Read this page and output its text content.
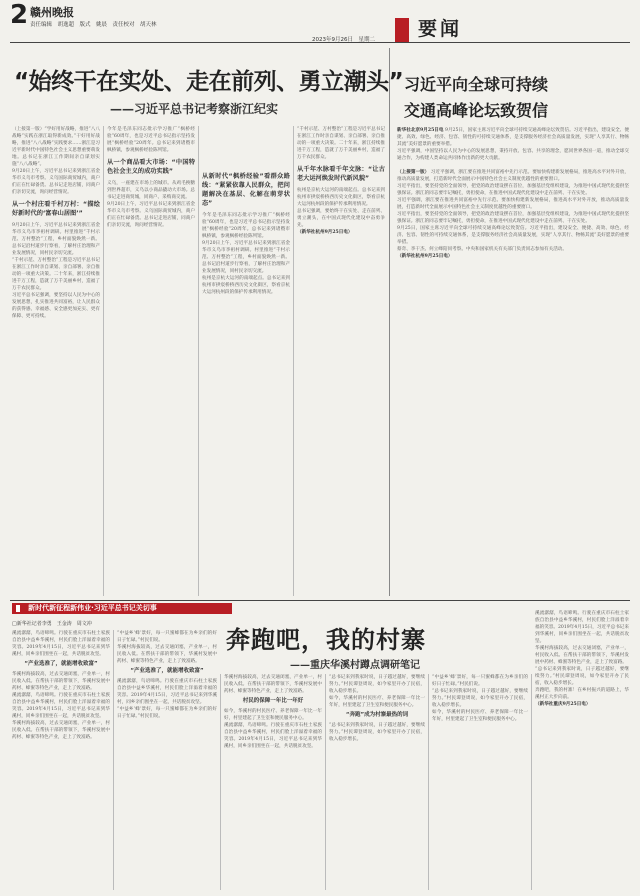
2 赣州晚报
责任编辑　胡逸超　版式　姚晨　责任校对　胡天林
2023年9月26日　星期二 要闻
“始终干在实处、走在前列、勇立潮头”
——习近平总书记考察浙江纪实
（上接第一版）“学好用好战略，推进“八八战略”实践在浙江取得新成效。”干好用好战略，推进“八八战略”实践要求……浙江是习近平新时代中国特色社会主义思想重要萌发地。总书记在浙江工作期间亲自谋划实施“八八战略”。
9月20日上午，习近平总书记来到浙江省金华市义乌市考察。义乌国际商贸城内，商户们正在忙碌备货。总书记走进店铺，同商户们亲切交流，询问经营情况。

从一个村庄看千村万村：“描绘好新时代的‘富春山居图’”
9月20日上午，习近平总书记来到浙江省金华市义乌市李祖村调研。村里推进“千村示范、万村整治”工程，乡村面貌焕然一新。总书记沿村道步行察看，了解村庄治理和产业发展情况，同村民亲切交流。
“千村示范、万村整治”工程是习近平总书记在浙江工作时亲自谋划、亲自部署、亲自推动的一项重大决策。二十年来，浙江持续推进千万工程，造就了万千美丽乡村，造福了万千农民群众。
习近平总书记强调，要坚持以人民为中心的发展思想，扎实推进共同富裕，让人民群众的获得感、幸福感、安全感更加充实、更有保障、更可持续。
今年是毛泽东同志批示学习推广“枫桥经验”60周年，也是习近平总书记指示坚持发展“枫桥经验”20周年。总书记来到诸暨市枫桥镇，参观枫桥经验陈列馆。

从一个商品看大市场：“中国特色社会主义的成功实践”
义乌，一座建在市场上的城市。从鸡毛换糖到世界超市，义乌以小商品撬动大市场。总书记走进商贸城，同商户、采购商交流。
9月20日上午，习近平总书记来到浙江省金华市义乌市考察。义乌国际商贸城内，商户们正在忙碌备货。总书记走进店铺，同商户们亲切交流，询问经营情况。
从新时代“枫桥经验”看群众路线：“紧紧依靠人民群众，把问题解决在基层、化解在萌芽状态”
今年是毛泽东同志批示学习推广“枫桥经验”60周年，也是习近平总书记指示坚持发展“枫桥经验”20周年。总书记来到诸暨市枫桥镇，参观枫桥经验陈列馆。
9月20日上午，习近平总书记来到浙江省金华市义乌市李祖村调研。村里推进“千村示范、万村整治”工程，乡村面貌焕然一新。总书记沿村道步行察看，了解村庄治理和产业发展情况，同村民亲切交流。
杭州是京杭大运河的南端起点。总书记来到杭州市拱宸桥桥西历史文化街区，察看京杭大运河杭州段的保护传承利用情况。
“千村示范、万村整治”工程是习近平总书记在浙江工作时亲自谋划、亲自部署、亲自推动的一项重大决策。二十年来，浙江持续推进千万工程，造就了万千美丽乡村，造福了万千农民群众。

从千年水脉看千年文脉：“让古老大运河焕发时代新风貌”
杭州是京杭大运河的南端起点。总书记来到杭州市拱宸桥桥西历史文化街区，察看京杭大运河杭州段的保护传承利用情况。
总书记强调，要始终干在实处、走在前列、勇立潮头，在中国式现代化建设中奋勇争先。
（新华社杭州9月25日电）
习近平向全球可持续
交通高峰论坛致贺信
新华社北京9月25日电 9月25日，国家主席习近平向全球可持续交通高峰论坛致贺信。习近平指出，建设安全、便捷、高效、绿色、经济、包容、韧性的可持续交通体系，是支撑服务经济社会高质量发展，实现“人享其行、物畅其流”美好愿景的重要举措。
习近平强调，中国坚持以人民为中心的发展思想，秉持开放、包容、共享的理念，愿同世界各国一道，推动全球交通合作，为构建人类命运共同体作出新的更大贡献。

（上接第一版） 习近平强调，浙江要在推进共同富裕中先行示范。要加快构建新发展格局，推进高水平对外开放，推动高质量发展，打造新时代全面展示中国特色社会主义制度优越性的重要窗口。
习近平指出，要坚持党的全面领导，把党的政治建设摆在首位，加强基层党组织建设，为推进中国式现代化提供坚强保证。浙江的同志要牢记嘱托，勇担使命，在推进中国式现代化建设中走在前列、干在实处。
习近平强调，浙江要在推进共同富裕中先行示范。要加快构建新发展格局，推进高水平对外开放，推动高质量发展，打造新时代全面展示中国特色社会主义制度优越性的重要窗口。
习近平指出，要坚持党的全面领导，把党的政治建设摆在首位，加强基层党组织建设，为推进中国式现代化提供坚强保证。浙江的同志要牢记嘱托，勇担使命，在推进中国式现代化建设中走在前列、干在实处。
9月25日，国家主席习近平向全球可持续交通高峰论坛致贺信。习近平指出，建设安全、便捷、高效、绿色、经济、包容、韧性的可持续交通体系，是支撑服务经济社会高质量发展，实现“人享其行、物畅其流”美好愿景的重要举措。
蔡奇、李干杰、何立峰陪同考察。中央和国家机关有关部门负责同志参加有关活动。
（新华社杭州9月25日电）
$^{新时代新征程新伟业\cdot 习近平总书记关切事}$
□新华社记者李勇　王金涛　周文冲
奔跑吧，我的村寨
——重庆华溪村蹲点调研笔记
溪流潺潺，鸟语啼鸣。行驶在重庆市石柱土家族自治县中益乡华溪村，村民们脸上洋溢着幸福的笑容。2019年4月15日，习近平总书记来到华溪村，同乡亲们围坐在一起，共话脱贫攻坚。

“产业选准了，就能增收致富”
华溪村海拔较高，过去交通闭塞，产业单一，村民收入低。在帮扶干部的带领下，华溪村发展中药材、蜂蜜等特色产业，走上了致富路。
溪流潺潺，鸟语啼鸣。行驶在重庆市石柱土家族自治县中益乡华溪村，村民们脸上洋溢着幸福的笑容。2019年4月15日，习近平总书记来到华溪村，同乡亲们围坐在一起，共话脱贫攻坚。
华溪村海拔较高，过去交通闭塞，产业单一，村民收入低。在帮扶干部的带领下，华溪村发展中药材、蜂蜜等特色产业，走上了致富路。
“中益乡‘蜂’景好，每一只蜜蜂都在为乡亲们的好日子忙碌。”村民们说。
华溪村海拔较高，过去交通闭塞，产业单一，村民收入低。在帮扶干部的带领下，华溪村发展中药材、蜂蜜等特色产业，走上了致富路。

“产业选准了，就能增收致富”
溪流潺潺，鸟语啼鸣。行驶在重庆市石柱土家族自治县中益乡华溪村，村民们脸上洋溢着幸福的笑容。2019年4月15日，习近平总书记来到华溪村，同乡亲们围坐在一起，共话脱贫攻坚。
“中益乡‘蜂’景好，每一只蜜蜂都在为乡亲们的好日子忙碌。”村民们说。
华溪村海拔较高，过去交通闭塞，产业单一，村民收入低。在帮扶干部的带领下，华溪村发展中药材、蜂蜜等特色产业，走上了致富路。

村民的保障一年比一年好
如今，华溪村的村民医疗、养老保障一年比一年好，村里建起了卫生室和便民服务中心。
溪流潺潺，鸟语啼鸣。行驶在重庆市石柱土家族自治县中益乡华溪村，村民们脸上洋溢着幸福的笑容。2019年4月15日，习近平总书记来到华溪村，同乡亲们围坐在一起，共话脱贫攻坚。
“总书记来到我家时说，日子越过越好，要继续努力。”村民谭登周说，如今家里开办了民宿，收入稳步增长。
如今，华溪村的村民医疗、养老保障一年比一年好，村里建起了卫生室和便民服务中心。

“奔跑”成为村寨最热的词
“总书记来到我家时说，日子越过越好，要继续努力。”村民谭登周说，如今家里开办了民宿，收入稳步增长。
“中益乡‘蜂’景好，每一只蜜蜂都在为乡亲们的好日子忙碌。”村民们说。
“总书记来到我家时说，日子越过越好，要继续努力。”村民谭登周说，如今家里开办了民宿，收入稳步增长。
如今，华溪村的村民医疗、养老保障一年比一年好，村里建起了卫生室和便民服务中心。
溪流潺潺，鸟语啼鸣。行驶在重庆市石柱土家族自治县中益乡华溪村，村民们脸上洋溢着幸福的笑容。2019年4月15日，习近平总书记来到华溪村，同乡亲们围坐在一起，共话脱贫攻坚。
华溪村海拔较高，过去交通闭塞，产业单一，村民收入低。在帮扶干部的带领下，华溪村发展中药材、蜂蜜等特色产业，走上了致富路。
“总书记来到我家时说，日子越过越好，要继续努力。”村民谭登周说，如今家里开办了民宿，收入稳步增长。
奔跑吧，我的村寨！在乡村振兴的道路上，华溪村正大步向前。
（新华社重庆9月25日电）
